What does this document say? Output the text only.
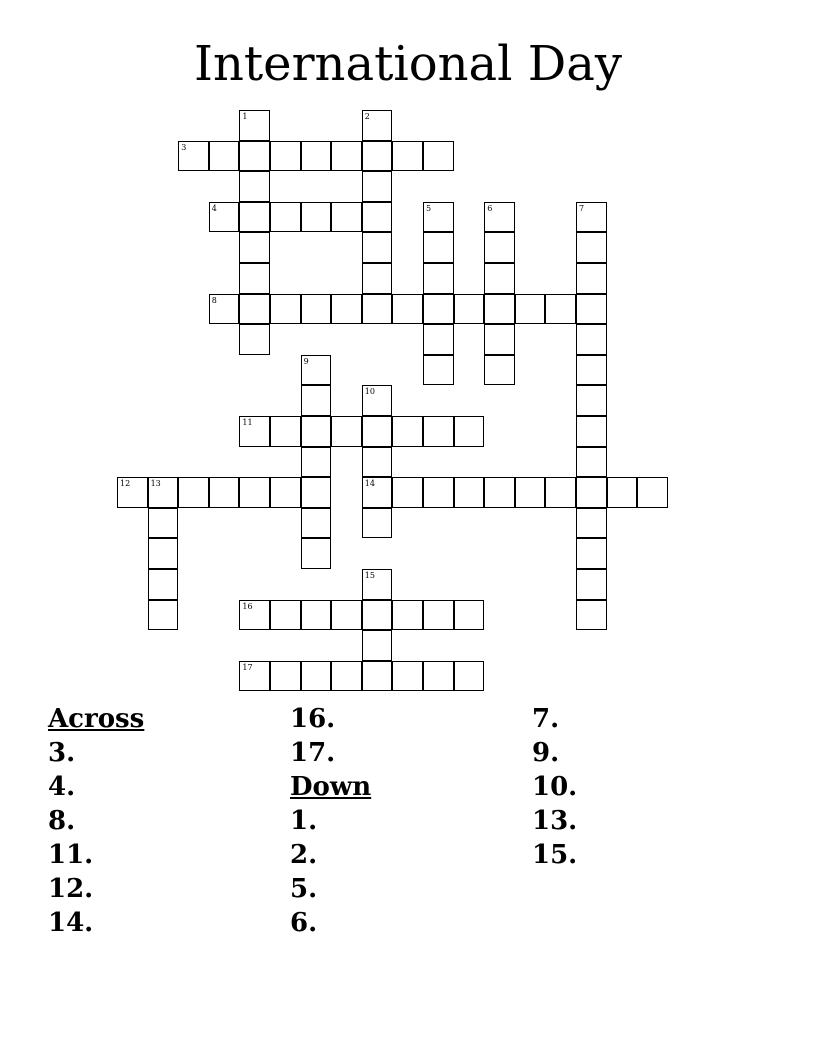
International Day
3
4
8
11
12	13	14
16
17
1	2
5	6	7
9
10
15
Across
3.
4.
8.
11.
12.
14.
16.
17.
Down
1.
2.
5.
6.
7.
9.
10.
13.
15.
